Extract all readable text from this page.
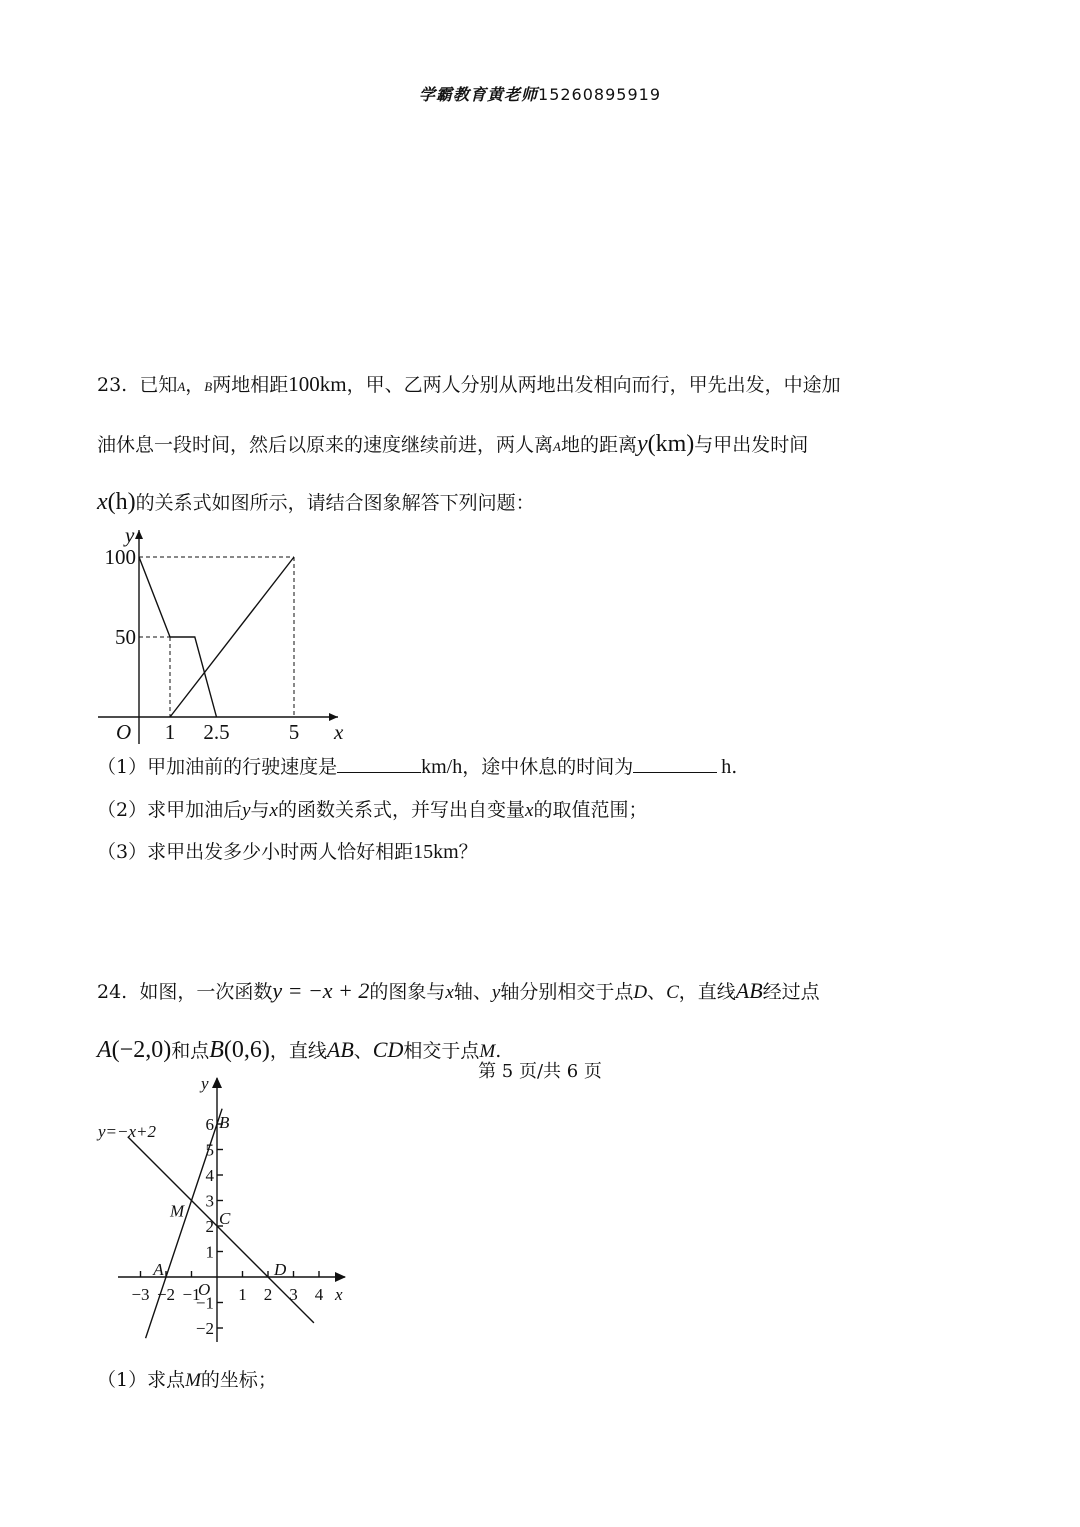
学霸教育黄老师15260895919
23. 已知A，B两地相距100km，甲、乙两人分别从两地出发相向而行，甲先出发，中途加
油休息一段时间，然后以原来的速度继续前进，两人离A地的距离y(km)与甲出发时间
x(h)的关系式如图所示，请结合图象解答下列问题：
1 2.5	5
100
50
O	x
y
（1）甲加油前的行驶速度是	km/h，途中休息的时间为	h.
（2）求甲加油后y与x的函数关系式，并写出自变量x的取值范围；
（3）求甲出发多少小时两人恰好相距15km？
24. 如图，一次函数y = −x + 2的图象与x轴、y轴分别相交于点D、C，直线AB经过点
A(−2,0)和点B(0,6)，直线AB、CD相交于点M.
−3 −2 −1 1 2 3 4
−2
−1
1
2
3
4
5
6
O	x
y
y=−x+2
A
B
C
D
M
（1）求点M的坐标；
第 5 页/共 6 页
